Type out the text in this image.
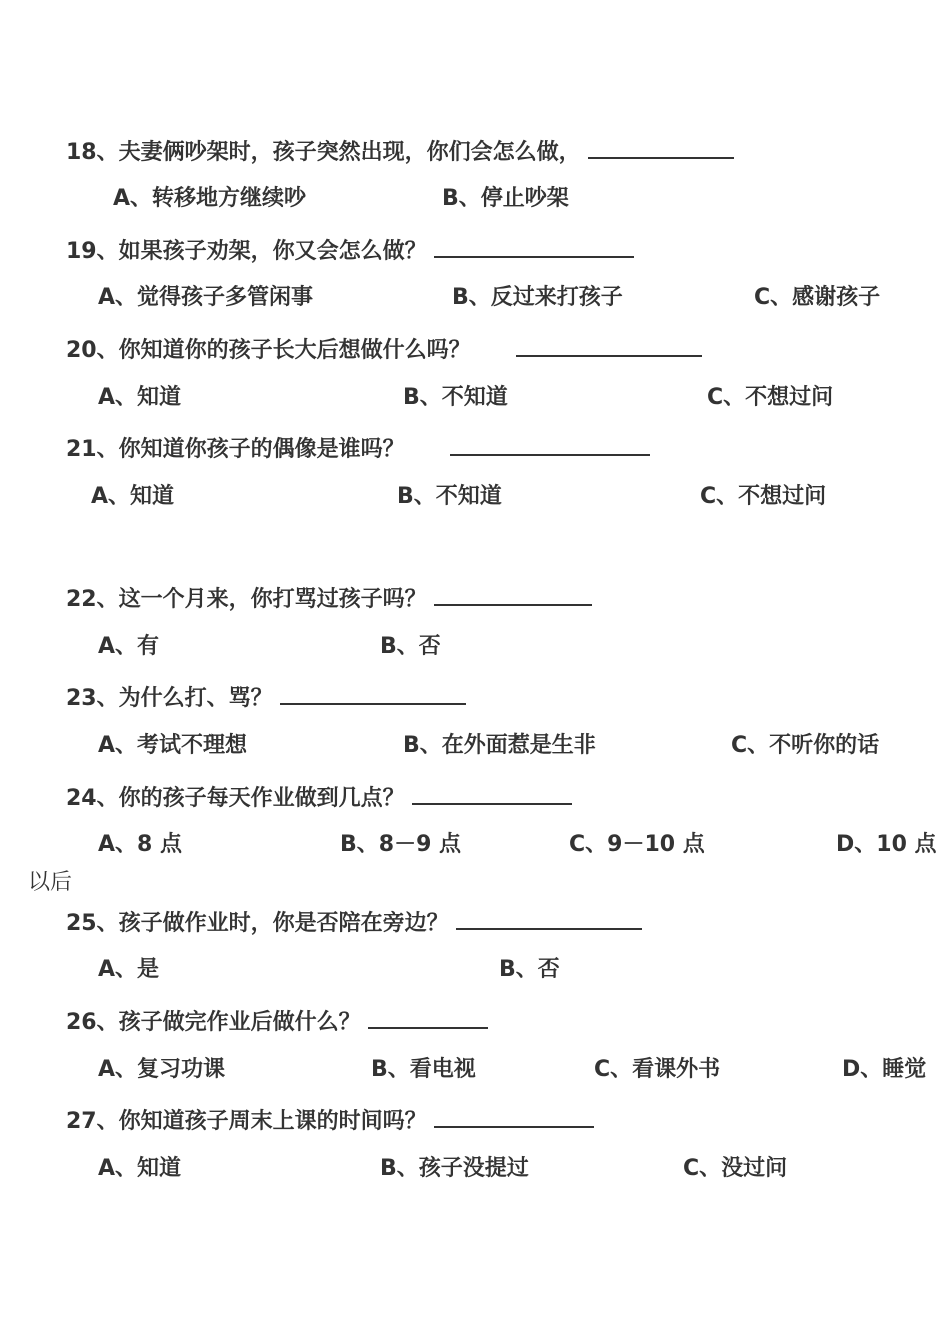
18、夫妻俩吵架时，孩子突然出现，你们会怎么做，
A、转移地方继续吵	B、停止吵架
19、如果孩子劝架，你又会怎么做？
A、觉得孩子多管闲事	B、反过来打孩子	C、感谢孩子
20、你知道你的孩子长大后想做什么吗？
A、知道	B、不知道	C、不想过问
21、你知道你孩子的偶像是谁吗？
A、知道	B、不知道	C、不想过问
22、这一个月来，你打骂过孩子吗？
A、有	B、否
23、为什么打、骂？
A、考试不理想	B、在外面惹是生非	C、不听你的话
24、你的孩子每天作业做到几点？
A、8 点	B、8－9 点	C、9－10 点	D、10 点
以后
25、孩子做作业时，你是否陪在旁边？
A、是	B、否
26、孩子做完作业后做什么？
A、复习功课	B、看电视	C、看课外书	D、睡觉
27、你知道孩子周末上课的时间吗？
A、知道	B、孩子没提过	C、没过问
